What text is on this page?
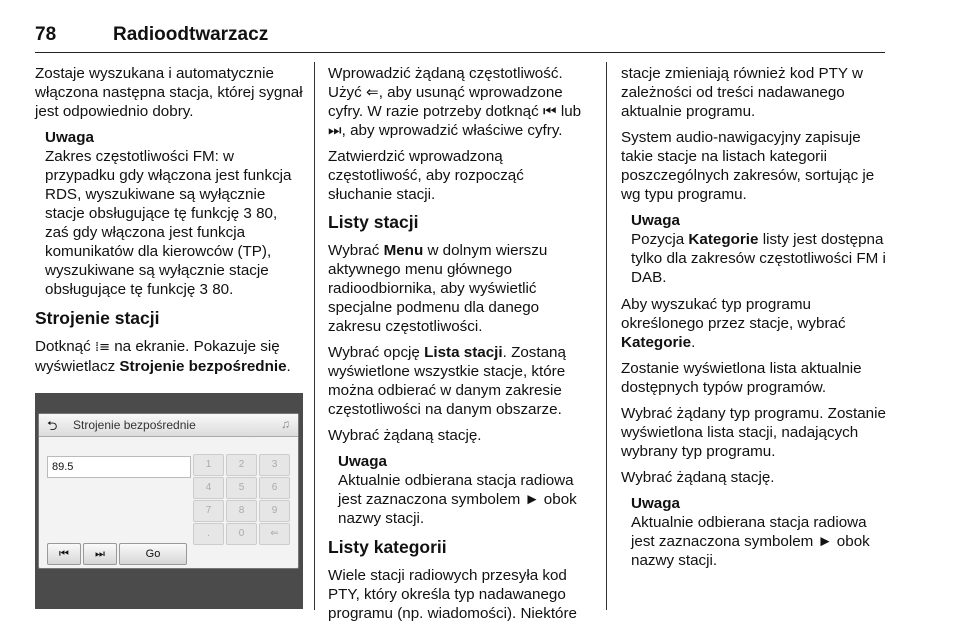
78	Radioodtwarzacz

Zostaje wyszukana i automatycznie włączona następna stacja, której sygnał jest odpowiednio dobry.

Uwaga
Zakres częstotliwości FM: w przypadku gdy włączona jest funkcja RDS, wyszukiwane są wyłącznie stacje obsługujące tę funkcję 3 80, zaś gdy włączona jest funkcja komunikatów dla kierowców (TP), wyszukiwane są wyłącznie stacje obsługujące tę funkcję 3 80.
Strojenie stacji

Dotknąć ⁞≡ na ekranie. Pokazuje się wyświetlacz Strojenie bezpośrednie.

⮌ Strojenie bezpośrednie	♫
89.5	1	2	3
4	5	6
7	8	9
.	0	⇐
⏮	⏭	Go

Wprowadzić żądaną częstotliwość. Użyć ⇐, aby usunąć wprowadzone cyfry. W razie potrzeby dotknąć ⏮ lub ⏭, aby wprowadzić właściwe cyfry.

Zatwierdzić wprowadzoną częstotliwość, aby rozpocząć słuchanie stacji.

Listy stacji

Wybrać Menu w dolnym wierszu aktywnego menu głównego radioodbiornika, aby wyświetlić specjalne podmenu dla danego zakresu częstotliwości.

Wybrać opcję Lista stacji. Zostaną wyświetlone wszystkie stacje, które można odbierać w danym zakresie częstotliwości na danym obszarze.

Wybrać żądaną stację.

Uwaga
Aktualnie odbierana stacja radiowa jest zaznaczona symbolem ► obok nazwy stacji.
Listy kategorii

Wiele stacji radiowych przesyła kod PTY, który określa typ nadawanego programu (np. wiadomości). Niektóre

stacje zmieniają również kod PTY w zależności od treści nadawanego aktualnie programu.

System audio-nawigacyjny zapisuje takie stacje na listach kategorii poszczególnych zakresów, sortując je wg typu programu.

Uwaga
Pozycja Kategorie listy jest dostępna tylko dla zakresów częstotliwości FM i DAB.

Aby wyszukać typ programu określonego przez stacje, wybrać Kategorie.

Zostanie wyświetlona lista aktualnie dostępnych typów programów.

Wybrać żądany typ programu. Zostanie wyświetlona lista stacji, nadających wybrany typ programu.

Wybrać żądaną stację.

Uwaga
Aktualnie odbierana stacja radiowa jest zaznaczona symbolem ► obok nazwy stacji.
